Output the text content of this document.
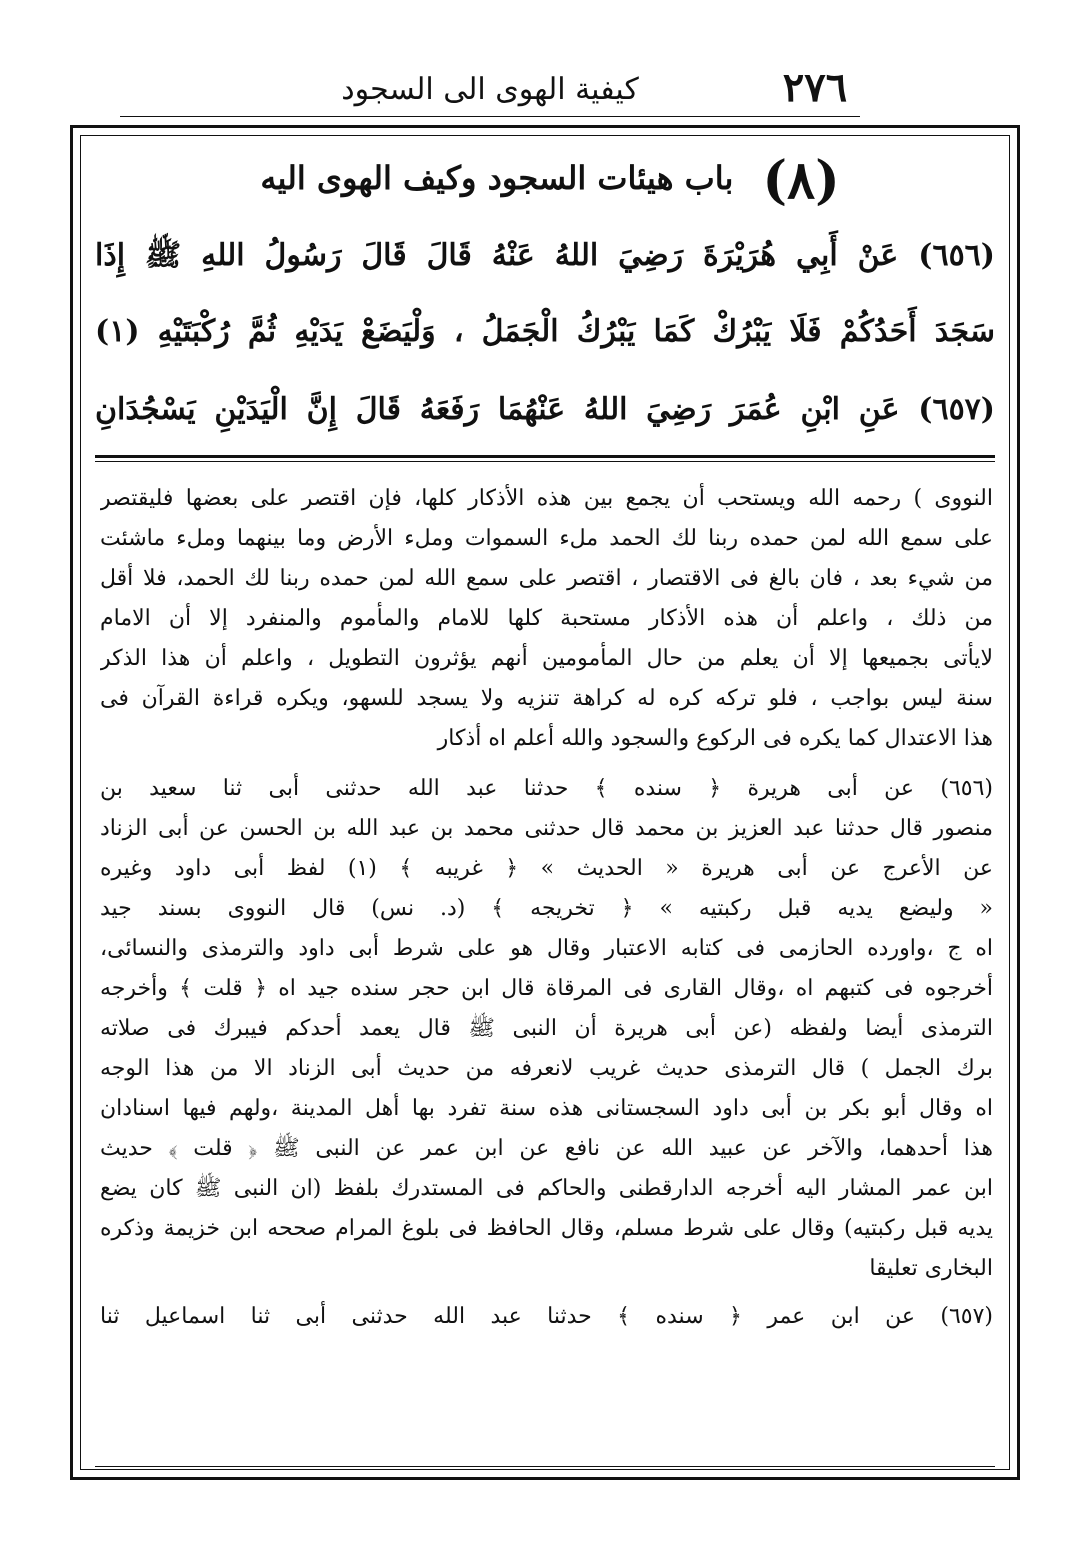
٢٧٦
كيفية الهوى الى السجود
(٨) باب هيئات السجود وكيف الهوى اليه
(٦٥٦) عَنْ أَبِي هُرَيْرَةَ رَضِيَ اللهُ عَنْهُ قَالَ قَالَ رَسُولُ اللهِ ﷺ إِذَا
سَجَدَ أَحَدُكُمْ فَلَا يَبْرُكْ كَمَا يَبْرُكُ الْجَمَلُ ، وَلْيَضَعْ يَدَيْهِ ثُمَّ رُكْبَتَيْهِ (١)
(٦٥٧) عَنِ ابْنِ عُمَرَ رَضِيَ اللهُ عَنْهُمَا رَفَعَهُ قَالَ إِنَّ الْيَدَيْنِ يَسْجُدَانِ
النووى ) رحمه الله ويستحب أن يجمع بين هذه الأذكار كلها، فإن اقتصر على بعضها فليقتصر
على سمع الله لمن حمده ربنا لك الحمد ملء السموات وملء الأرض وما بينهما وملء ماشئت
من شيء بعد ، فان بالغ فى الاقتصار ، اقتصر على سمع الله لمن حمده ربنا لك الحمد، فلا أقل
من ذلك ، واعلم أن هذه الأذكار مستحبة كلها للامام والمأموم والمنفرد إلا أن الامام
لايأتى بجميعها إلا أن يعلم من حال المأمومين أنهم يؤثرون التطويل ، واعلم أن هذا الذكر
سنة ليس بواجب ، فلو تركه كره له كراهة تنزيه ولا يسجد للسهو، ويكره قراءة القرآن فى
هذا الاعتدال كما يكره فى الركوع والسجود والله أعلم اه أذكار
(٦٥٦) عن أبى هريرة ﴿ سنده ﴾ حدثنا عبد الله حدثنى أبى ثنا سعيد بن
منصور قال حدثنا عبد العزيز بن محمد قال حدثنى محمد بن عبد الله بن الحسن عن أبى الزناد
عن الأعرج عن أبى هريرة « الحديث » ﴿ غريبه ﴾ (١) لفظ أبى داود وغيره
« وليضع يديه قبل ركبتيه » ﴿ تخريجه ﴾ (د. نس) قال النووى بسند جيد
اه ج ،واورده الحازمى فى كتابه الاعتبار وقال هو على شرط أبى داود والترمذى والنسائى،
أخرجوه فى كتبهم اه ،وقال القارى فى المرقاة قال ابن حجر سنده جيد اه ﴿ قلت ﴾ وأخرجه
الترمذى أيضا ولفظه (عن أبى هريرة أن النبى ﷺ قال يعمد أحدكم فيبرك فى صلاته
برك الجمل ) قال الترمذى حديث غريب لانعرفه من حديث أبى الزناد الا من هذا الوجه
اه وقال أبو بكر بن أبى داود السجستانى هذه سنة تفرد بها أهل المدينة ،ولهم فيها اسنادان
هذا أحدهما، والآخر عن عبيد الله عن نافع عن ابن عمر عن النبى ﷺ ﴿ قلت ﴾ حديث
ابن عمر المشار اليه أخرجه الدارقطنى والحاكم فى المستدرك بلفظ (ان النبى ﷺ كان يضع
يديه قبل ركبتيه) وقال على شرط مسلم، وقال الحافظ فى بلوغ المرام صححه ابن خزيمة وذكره
البخارى تعليقا
(٦٥٧) عن ابن عمر ﴿ سنده ﴾ حدثنا عبد الله حدثنى أبى ثنا اسماعيل ثنا
